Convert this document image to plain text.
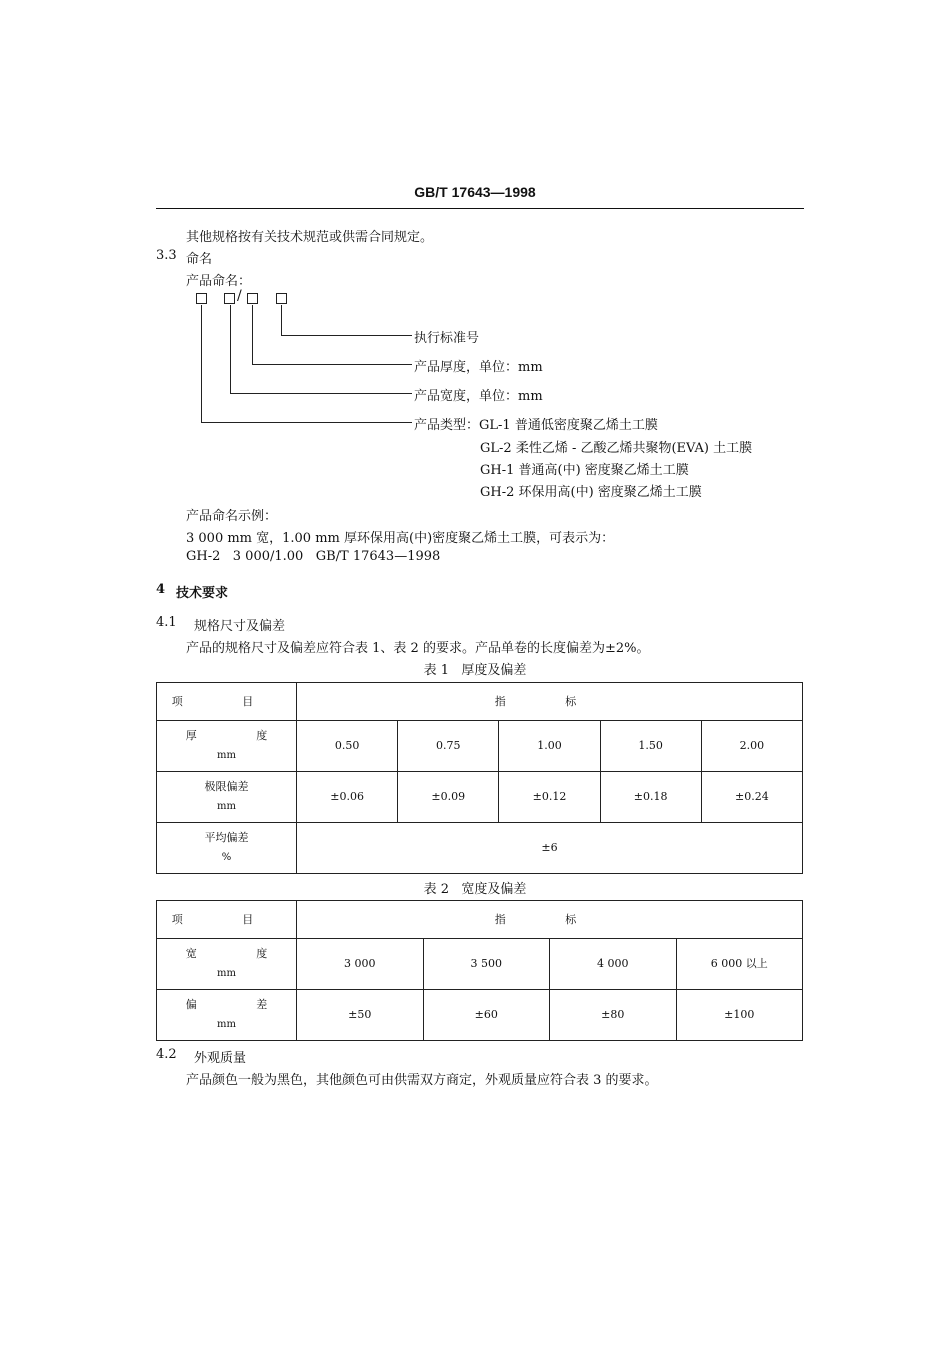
GB/T 17643—1998
其他规格按有关技术规范或供需合同规定。
3.3 命名
产品命名：
/
执行标准号
产品厚度，单位：mm
产品宽度，单位：mm
产品类型：GL-1 普通低密度聚乙烯土工膜
GL-2 柔性乙烯 - 乙酸乙烯共聚物(EVA) 土工膜
GH-1 普通高(中) 密度聚乙烯土工膜
GH-2 环保用高(中) 密度聚乙烯土工膜
产品命名示例：
3 000 mm 宽，1.00 mm 厚环保用高(中)密度聚乙烯土工膜，可表示为：
GH-2   3 000/1.00   GB/T 17643—1998
4 技术要求
4.1 规格尺寸及偏差
产品的规格尺寸及偏差应符合表 1、表 2 的要求。产品单卷的长度偏差为±2%。
表 1   厚度及偏差
项 目	指 标				

厚 度
mm	0.50	0.75	1.00	1.50	2.00

极限偏差
mm	±0.06	±0.09	±0.12	±0.18	±0.24

平均偏差
%	±6				
表 2   宽度及偏差
项 目	指 标			

宽 度
mm	3 000	3 500	4 000	6 000 以上

偏 差
mm	±50	±60	±80	±100
4.2 外观质量
产品颜色一般为黑色，其他颜色可由供需双方商定，外观质量应符合表 3 的要求。
